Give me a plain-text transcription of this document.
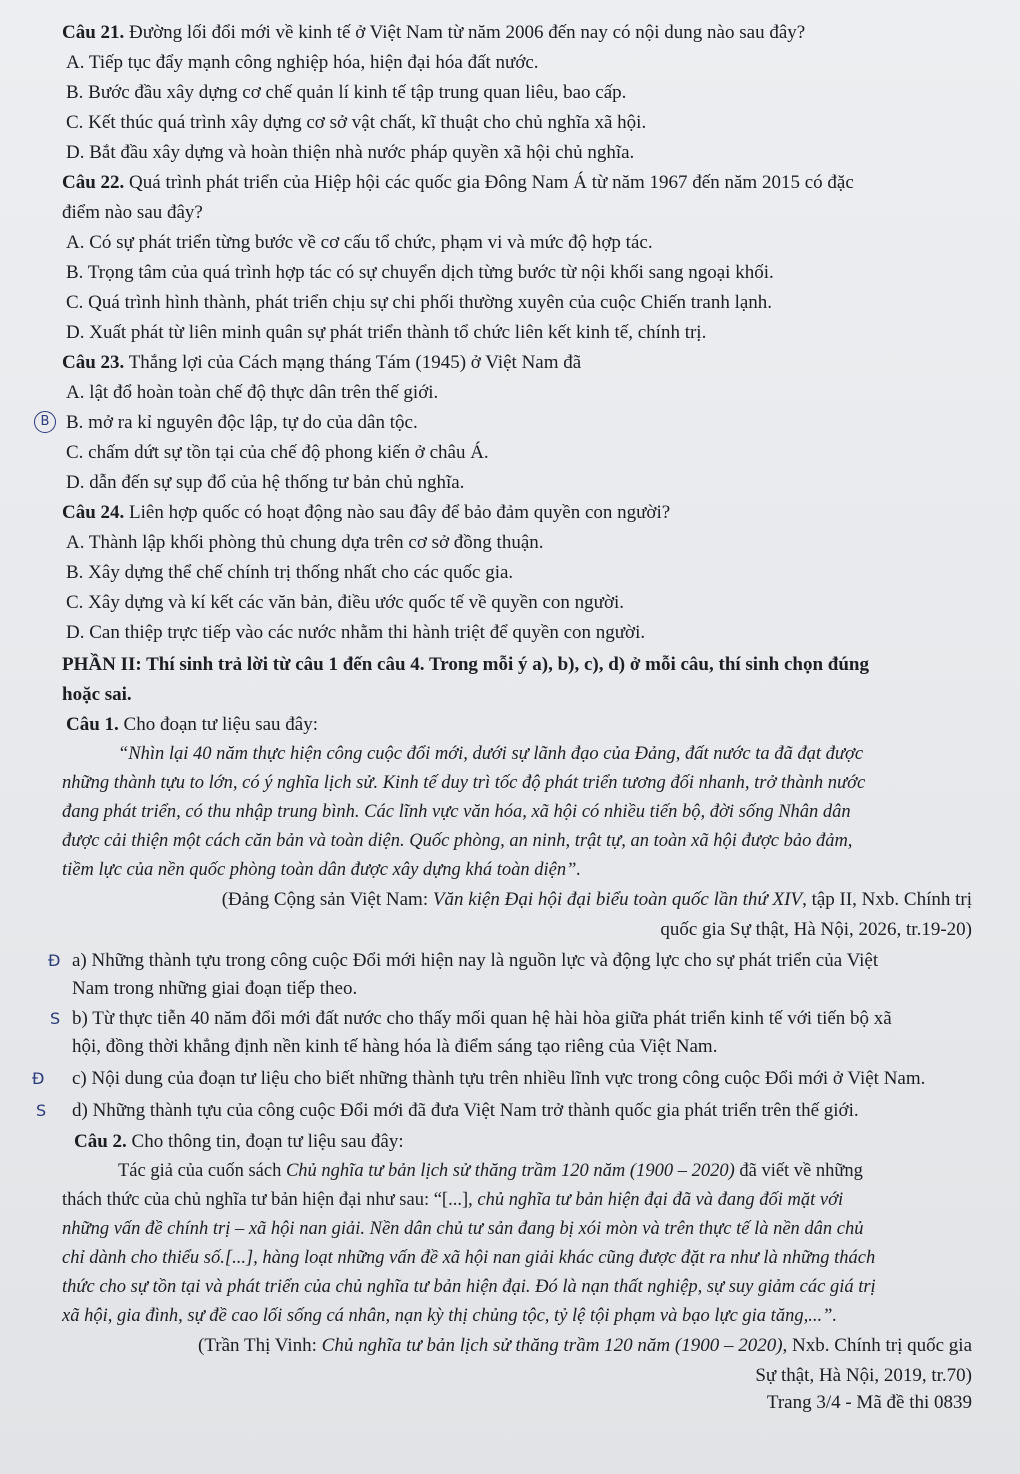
Câu 21. Đường lối đổi mới về kinh tế ở Việt Nam từ năm 2006 đến nay có nội dung nào sau đây?
A. Tiếp tục đẩy mạnh công nghiệp hóa, hiện đại hóa đất nước.
B. Bước đầu xây dựng cơ chế quản lí kinh tế tập trung quan liêu, bao cấp.
C. Kết thúc quá trình xây dựng cơ sở vật chất, kĩ thuật cho chủ nghĩa xã hội.
D. Bắt đầu xây dựng và hoàn thiện nhà nước pháp quyền xã hội chủ nghĩa.
Câu 22. Quá trình phát triển của Hiệp hội các quốc gia Đông Nam Á từ năm 1967 đến năm 2015 có đặc
điểm nào sau đây?
A. Có sự phát triển từng bước về cơ cấu tổ chức, phạm vi và mức độ hợp tác.
B. Trọng tâm của quá trình hợp tác có sự chuyển dịch từng bước từ nội khối sang ngoại khối.
C. Quá trình hình thành, phát triển chịu sự chi phối thường xuyên của cuộc Chiến tranh lạnh.
D. Xuất phát từ liên minh quân sự phát triển thành tổ chức liên kết kinh tế, chính trị.
Câu 23. Thắng lợi của Cách mạng tháng Tám (1945) ở Việt Nam đã
A. lật đổ hoàn toàn chế độ thực dân trên thế giới.
B B. mở ra kỉ nguyên độc lập, tự do của dân tộc.
C. chấm dứt sự tồn tại của chế độ phong kiến ở châu Á.
D. dẫn đến sự sụp đổ của hệ thống tư bản chủ nghĩa.
Câu 24. Liên hợp quốc có hoạt động nào sau đây để bảo đảm quyền con người?
A. Thành lập khối phòng thủ chung dựa trên cơ sở đồng thuận.
B. Xây dựng thể chế chính trị thống nhất cho các quốc gia.
C. Xây dựng và kí kết các văn bản, điều ước quốc tế về quyền con người.
D. Can thiệp trực tiếp vào các nước nhằm thi hành triệt để quyền con người.
PHẦN II: Thí sinh trả lời từ câu 1 đến câu 4. Trong mỗi ý a), b), c), d) ở mỗi câu, thí sinh chọn đúng
hoặc sai.
Câu 1. Cho đoạn tư liệu sau đây:
“Nhìn lại 40 năm thực hiện công cuộc đổi mới, dưới sự lãnh đạo của Đảng, đất nước ta đã đạt được
những thành tựu to lớn, có ý nghĩa lịch sử. Kinh tế duy trì tốc độ phát triển tương đối nhanh, trở thành nước
đang phát triển, có thu nhập trung bình. Các lĩnh vực văn hóa, xã hội có nhiều tiến bộ, đời sống Nhân dân
được cải thiện một cách căn bản và toàn diện. Quốc phòng, an ninh, trật tự, an toàn xã hội được bảo đảm,
tiềm lực của nền quốc phòng toàn dân được xây dựng khá toàn diện”.
(Đảng Cộng sản Việt Nam: Văn kiện Đại hội đại biểu toàn quốc lần thứ XIV, tập II, Nxb. Chính trị
quốc gia Sự thật, Hà Nội, 2026, tr.19-20)
Đ a) Những thành tựu trong công cuộc Đổi mới hiện nay là nguồn lực và động lực cho sự phát triển của Việt
Nam trong những giai đoạn tiếp theo.
S b) Từ thực tiễn 40 năm đổi mới đất nước cho thấy mối quan hệ hài hòa giữa phát triển kinh tế với tiến bộ xã
hội, đồng thời khẳng định nền kinh tế hàng hóa là điểm sáng tạo riêng của Việt Nam.
Đ c) Nội dung của đoạn tư liệu cho biết những thành tựu trên nhiều lĩnh vực trong công cuộc Đổi mới ở Việt Nam.
S d) Những thành tựu của công cuộc Đổi mới đã đưa Việt Nam trở thành quốc gia phát triển trên thế giới.
Câu 2. Cho thông tin, đoạn tư liệu sau đây:
Tác giả của cuốn sách Chủ nghĩa tư bản lịch sử thăng trầm 120 năm (1900 – 2020) đã viết về những
thách thức của chủ nghĩa tư bản hiện đại như sau: “[...], chủ nghĩa tư bản hiện đại đã và đang đối mặt với
những vấn đề chính trị – xã hội nan giải. Nền dân chủ tư sản đang bị xói mòn và trên thực tế là nền dân chủ
chỉ dành cho thiểu số.[...], hàng loạt những vấn đề xã hội nan giải khác cũng được đặt ra như là những thách
thức cho sự tồn tại và phát triển của chủ nghĩa tư bản hiện đại. Đó là nạn thất nghiệp, sự suy giảm các giá trị
xã hội, gia đình, sự đề cao lối sống cá nhân, nạn kỳ thị chủng tộc, tỷ lệ tội phạm và bạo lực gia tăng,...”.
(Trần Thị Vinh: Chủ nghĩa tư bản lịch sử thăng trầm 120 năm (1900 – 2020), Nxb. Chính trị quốc gia
Sự thật, Hà Nội, 2019, tr.70)
Trang 3/4 - Mã đề thi 0839
